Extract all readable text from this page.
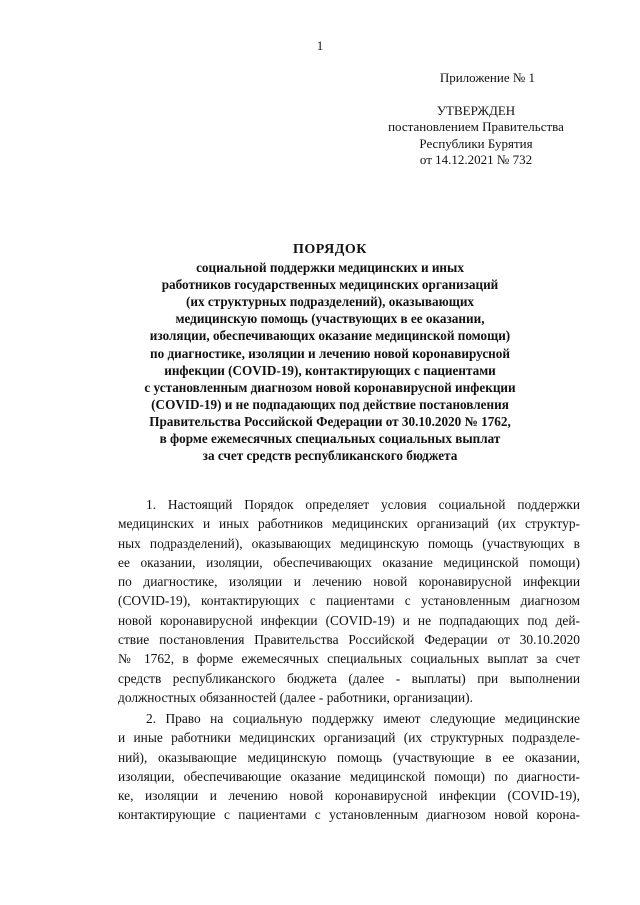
1
Приложение № 1
УТВЕРЖДЕН
постановлением Правительства
Республики Бурятия
от 14.12.2021 № 732
ПОРЯДОК
социальной поддержки медицинских и иных
работников государственных медицинских организаций
(их структурных подразделений), оказывающих
медицинскую помощь (участвующих в ее оказании,
изоляции, обеспечивающих оказание медицинской помощи)
по диагностике, изоляции и лечению новой коронавирусной
инфекции (COVID-19), контактирующих с пациентами
с установленным диагнозом новой коронавирусной инфекции
(COVID-19) и не подпадающих под действие постановления
Правительства Российской Федерации от 30.10.2020 № 1762,
в форме ежемесячных специальных социальных выплат
за счет средств республиканского бюджета
1. Настоящий Порядок определяет условия социальной поддержки
медицинских и иных работников медицинских организаций (их структур-
ных подразделений), оказывающих медицинскую помощь (участвующих в
ее оказании, изоляции, обеспечивающих оказание медицинской помощи)
по диагностике, изоляции и лечению новой коронавирусной инфекции
(COVID-19), контактирующих с пациентами с установленным диагнозом
новой коронавирусной инфекции (COVID-19) и не подпадающих под дей-
ствие постановления Правительства Российской Федерации от 30.10.2020
№ 1762, в форме ежемесячных специальных социальных выплат за счет
средств республиканского бюджета (далее - выплаты) при выполнении
должностных обязанностей (далее - работники, организации).
2. Право на социальную поддержку имеют следующие медицинские
и иные работники медицинских организаций (их структурных подразделе-
ний), оказывающие медицинскую помощь (участвующие в ее оказании,
изоляции, обеспечивающие оказание медицинской помощи) по диагности-
ке, изоляции и лечению новой коронавирусной инфекции (COVID-19),
контактирующие с пациентами с установленным диагнозом новой корона-
